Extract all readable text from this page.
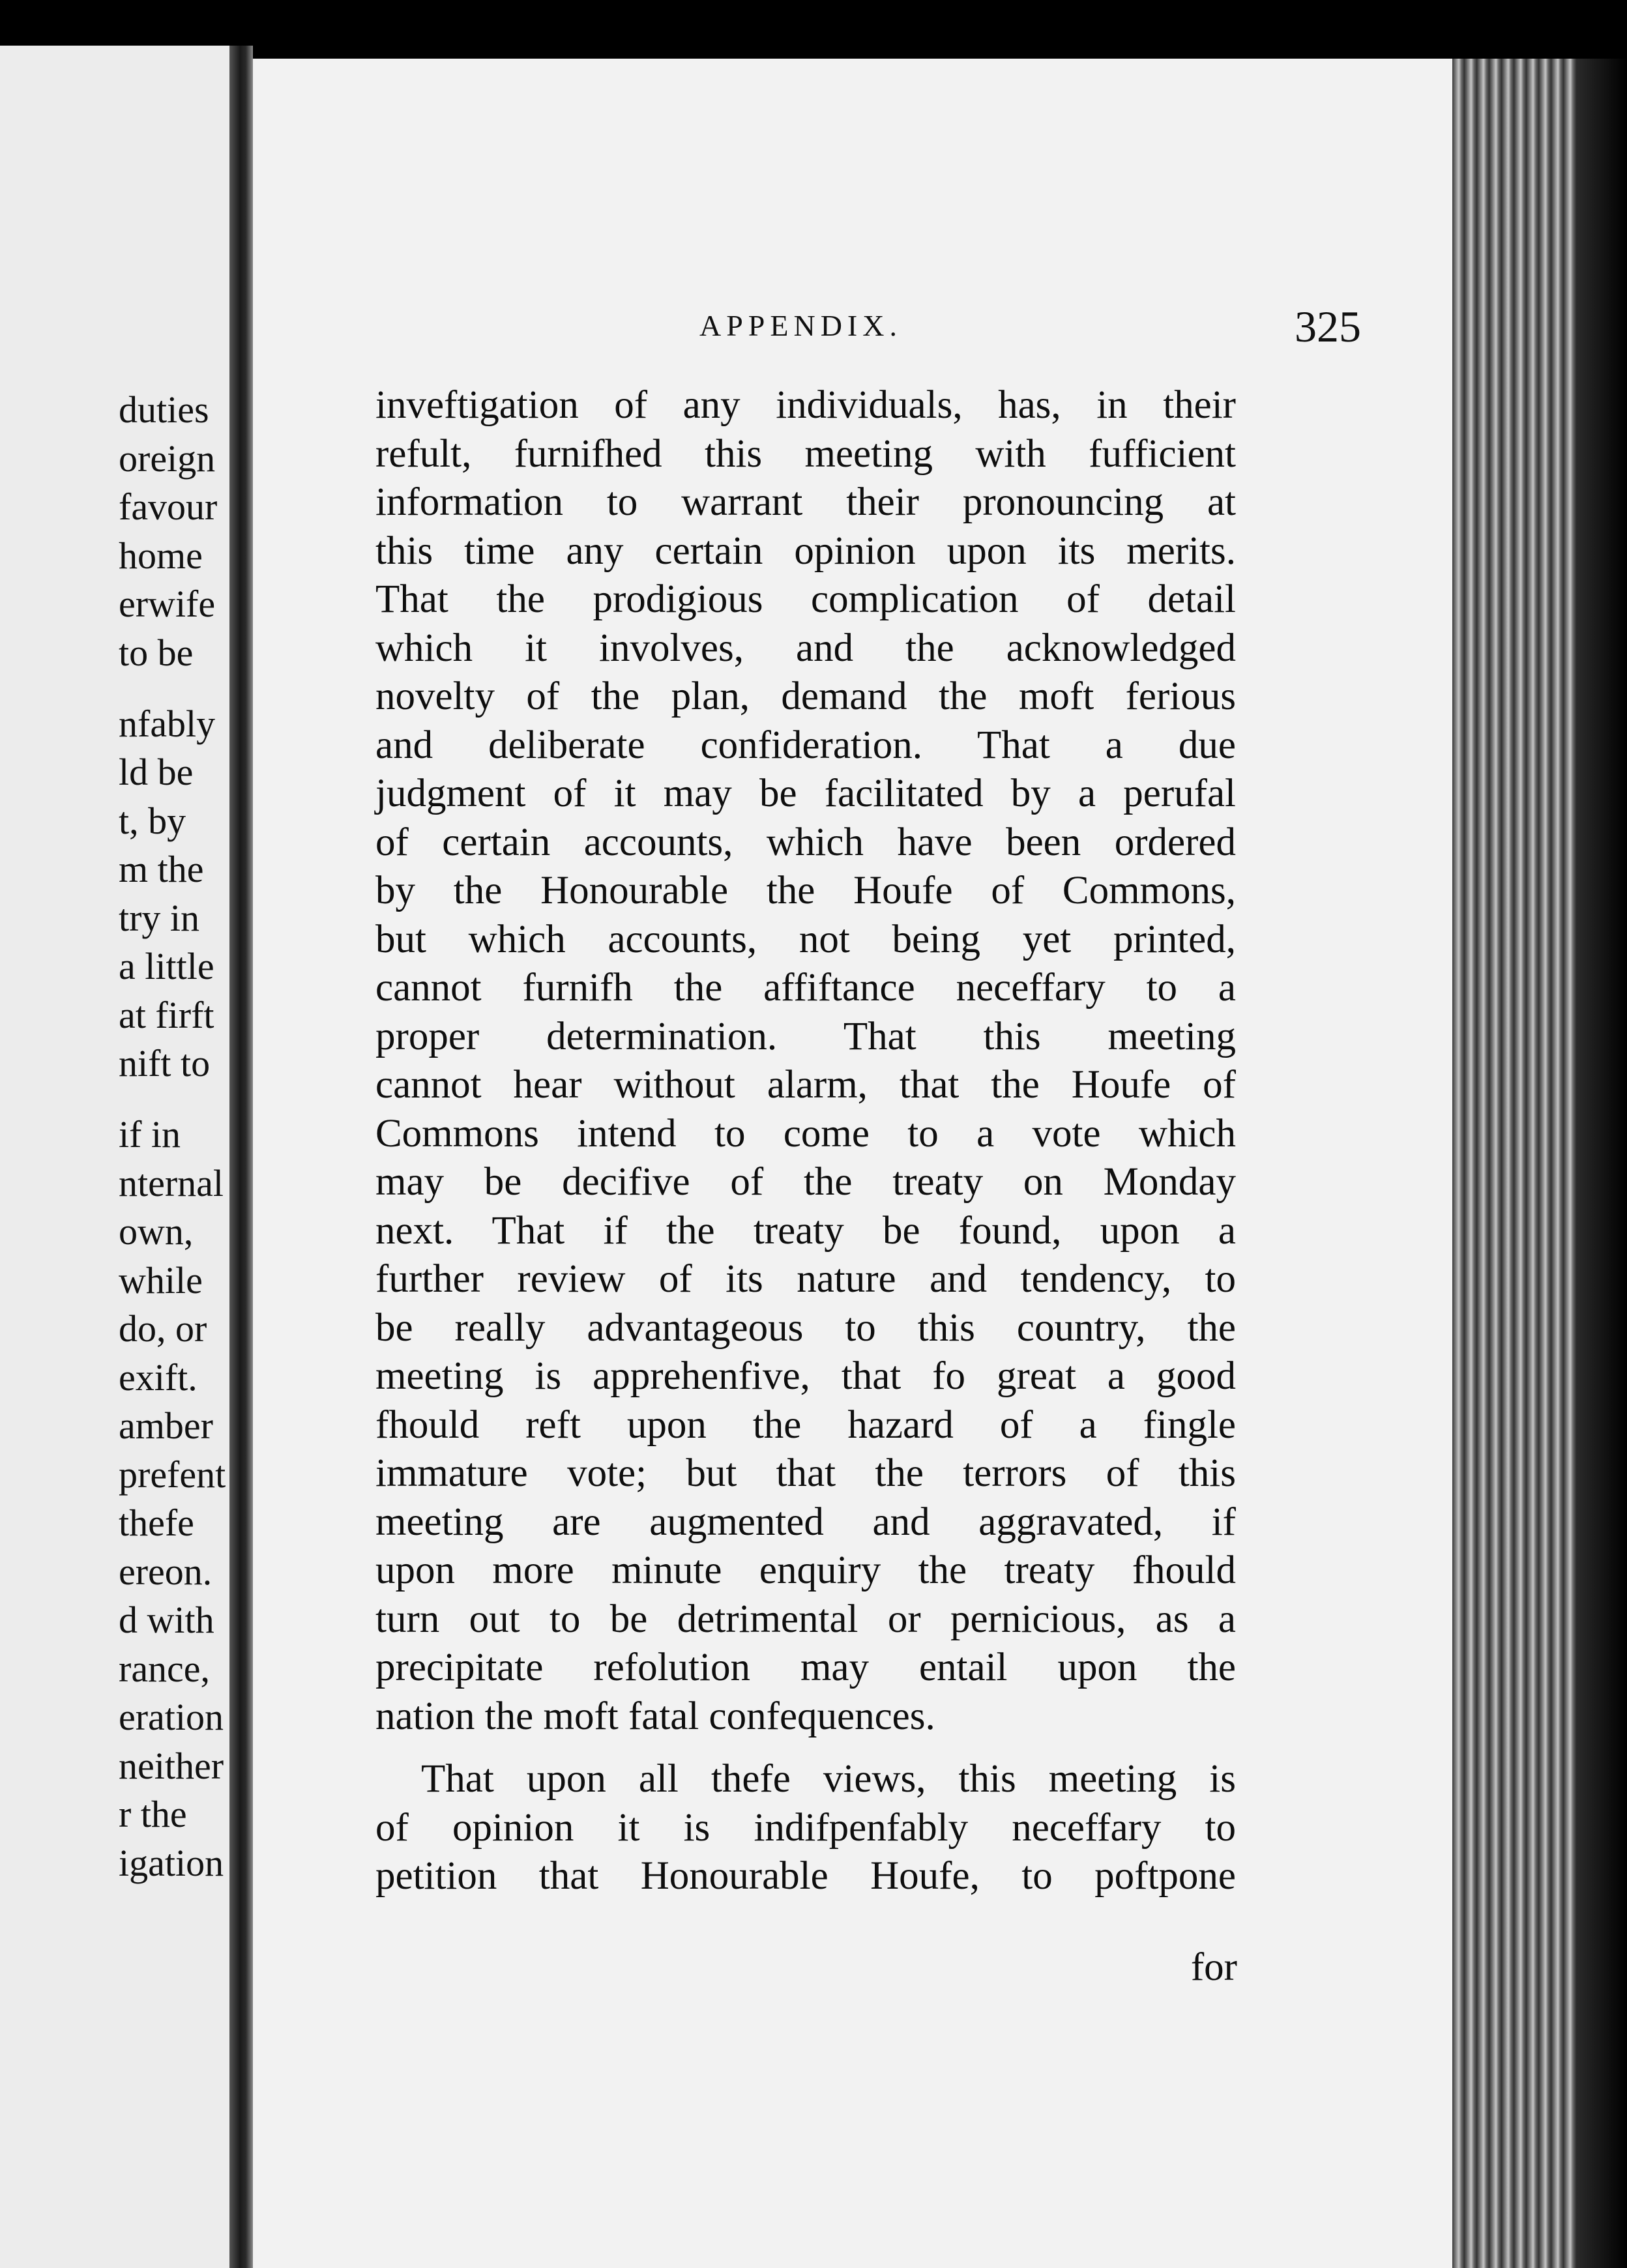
duties

oreign

favour

home

erwife

to be

nfably

ld be

t, by

m the

try in

a little

at firft

nift to

if in

nternal

own,

while

do, or

exift.

amber

prefent

thefe

ereon.

d with

rance,

eration

neither

r the

igation

APPENDIX.	325

inveftigation of any individuals, has, in their
refult, furnifhed this meeting with fufficient
information to warrant their pronouncing at
this time any certain opinion upon its merits.
That the prodigious complication of detail
which it involves, and the acknowledged
novelty of the plan, demand the moft ferious
and deliberate confideration. That a due
judgment of it may be facilitated by a perufal
of certain accounts, which have been ordered
by the Honourable the Houfe of Commons,
but which accounts, not being yet printed,
cannot furnifh the affiftance neceffary to a
proper determination. That this meeting
cannot hear without alarm, that the Houfe of
Commons intend to come to a vote which
may be decifive of the treaty on Monday
next. That if the treaty be found, upon a
further review of its nature and tendency, to
be really advantageous to this country, the
meeting is apprehenfive, that fo great a good
fhould reft upon the hazard of a fingle
immature vote; but that the terrors of this
meeting are augmented and aggravated, if
upon more minute enquiry the treaty fhould
turn out to be detrimental or pernicious, as a
precipitate refolution may entail upon the
nation the moft fatal confequences.
That upon all thefe views, this meeting is
of opinion it is indifpenfably neceffary to
petition that Honourable Houfe, to poftpone

for
